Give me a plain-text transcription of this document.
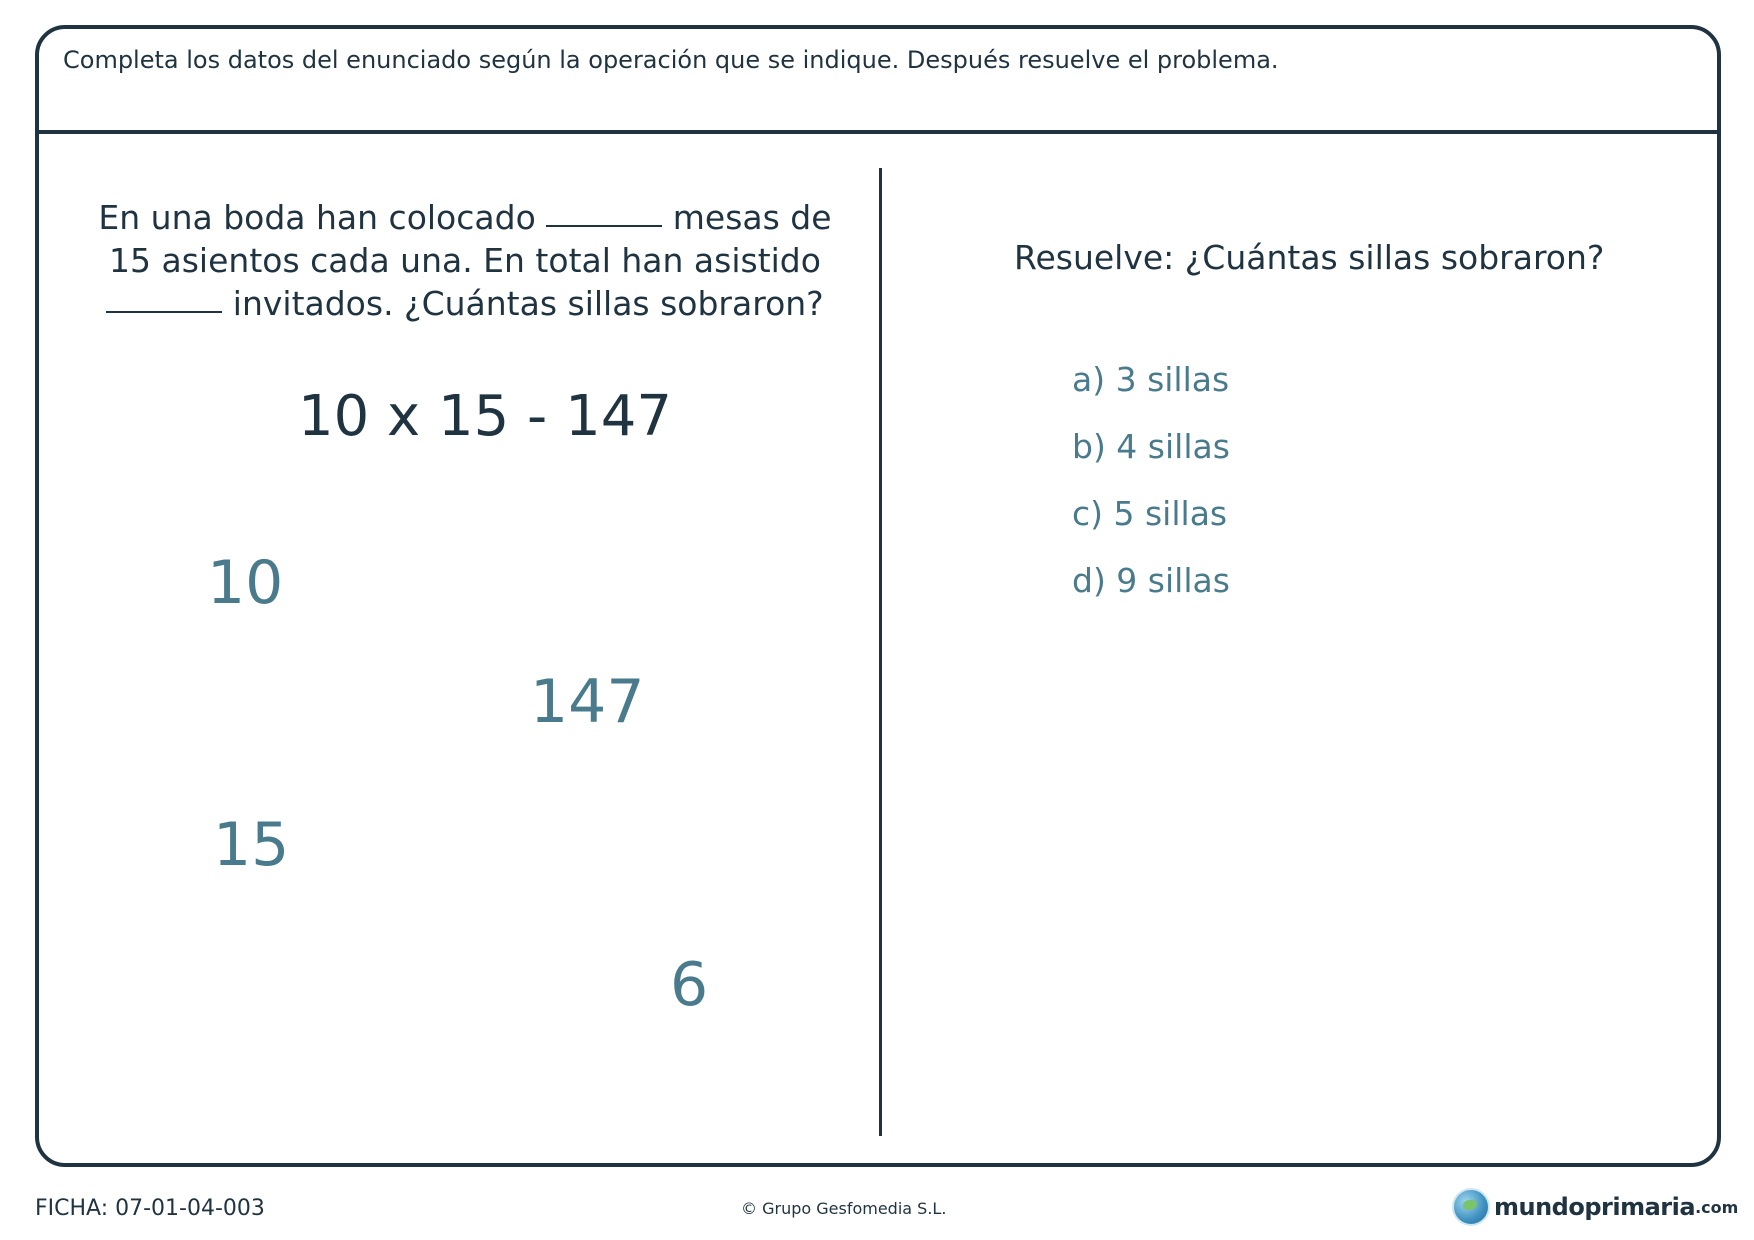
Completa los datos del enunciado según la operación que se indique. Después resuelve el problema.
En una boda han colocado	mesas de
15 asientos cada una. En total han asistido
invitados. ¿Cuántas sillas sobraron?
10 x 15 - 147
10
147
15
6
Resuelve: ¿Cuántas sillas sobraron?
a) 3 sillas
b) 4 sillas
c) 5 sillas
d) 9 sillas
FICHA: 07-01-04-003	© Grupo Gesfomedia S.L.	mundoprimaria .com
